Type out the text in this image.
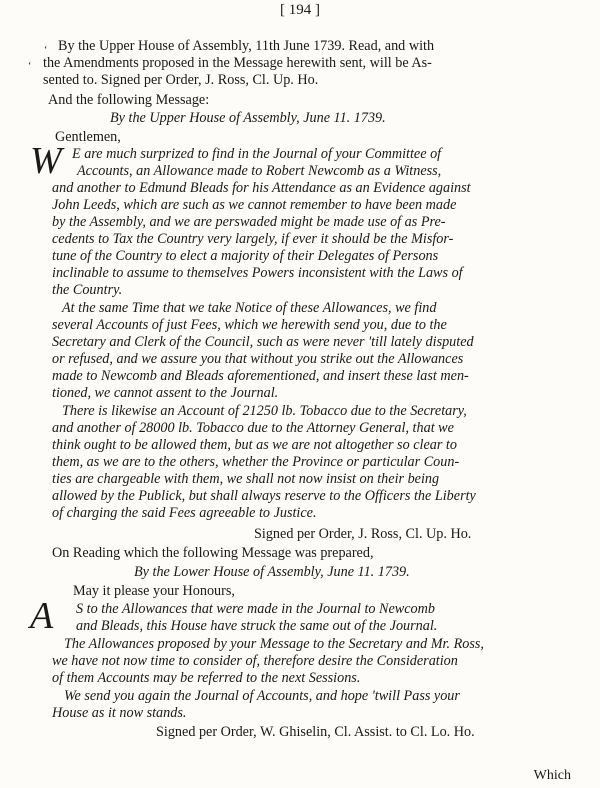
[ 194 ]
‘
‘
By the Upper House of Assembly, 11th June 1739. Read, and with
the Amendments proposed in the Message herewith sent, will be As-
sented to. Signed per Order, J. Ross, Cl. Up. Ho.
And the following Message:
By the Upper House of Assembly, June 11. 1739.
Gentlemen,
E are much surprized to find in the Journal of your Committee of
Accounts, an Allowance made to Robert Newcomb as a Witness,
and another to Edmund Bleads for his Attendance as an Evidence against
John Leeds, which are such as we cannot remember to have been made
by the Assembly, and we are perswaded might be made use of as Pre-
cedents to Tax the Country very largely, if ever it should be the Misfor-
tune of the Country to elect a majority of their Delegates of Persons
inclinable to assume to themselves Powers inconsistent with the Laws of
the Country.
At the same Time that we take Notice of these Allowances, we find
several Accounts of just Fees, which we herewith send you, due to the
Secretary and Clerk of the Council, such as were never 'till lately disputed
or refused, and we assure you that without you strike out the Allowances
made to Newcomb and Bleads aforementioned, and insert these last men-
tioned, we cannot assent to the Journal.
There is likewise an Account of 21250 lb. Tobacco due to the Secretary,
and another of 28000 lb. Tobacco due to the Attorney General, that we
think ought to be allowed them, but as we are not altogether so clear to
them, as we are to the others, whether the Province or particular Coun-
ties are chargeable with them, we shall not now insist on their being
allowed by the Publick, but shall always reserve to the Officers the Liberty
of charging the said Fees agreeable to Justice.
Signed per Order, J. Ross, Cl. Up. Ho.
On Reading which the following Message was prepared,
By the Lower House of Assembly, June 11. 1739.
May it please your Honours,
S to the Allowances that were made in the Journal to Newcomb
and Bleads, this House have struck the same out of the Journal.
The Allowances proposed by your Message to the Secretary and Mr. Ross,
we have not now time to consider of, therefore desire the Consideration
of them Accounts may be referred to the next Sessions.
We send you again the Journal of Accounts, and hope 'twill Pass your
House as it now stands.
Signed per Order, W. Ghiselin, Cl. Assist. to Cl. Lo. Ho.
W
A
Which
